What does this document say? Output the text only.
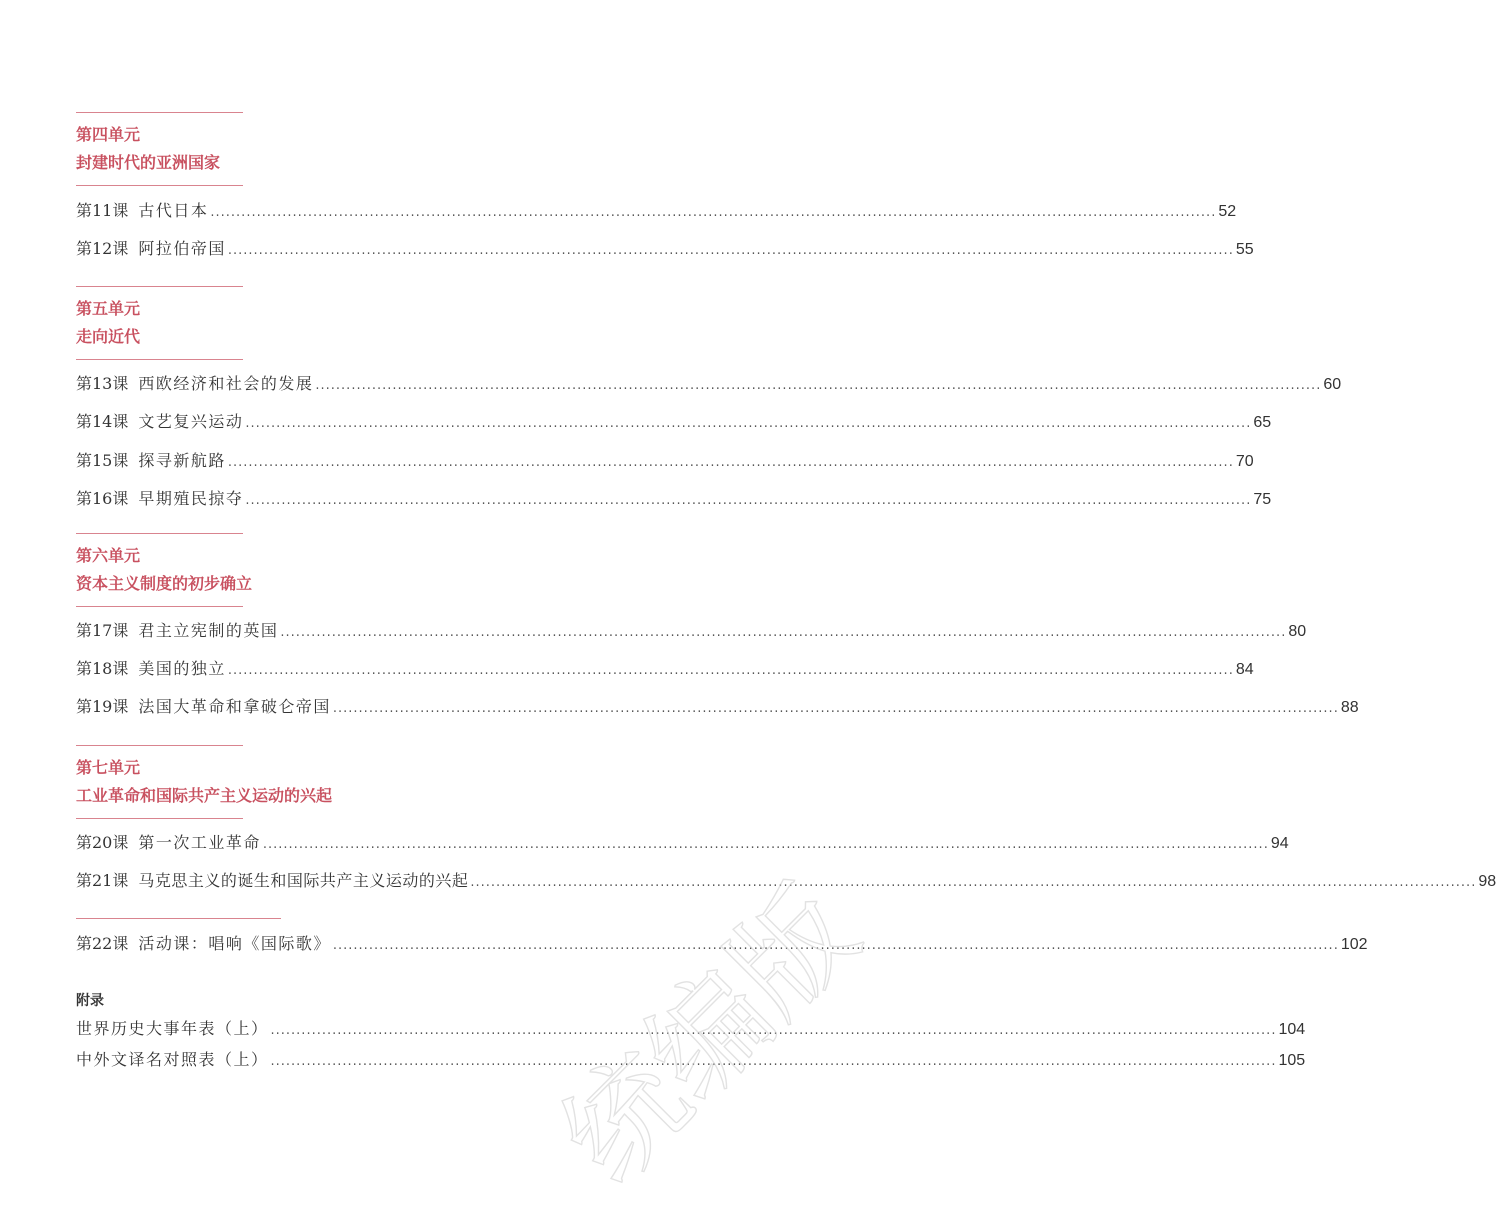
第四单元
封建时代的亚洲国家
第11课 古代日本 .....	52
第12课 阿拉伯帝国 .....	55
第五单元
走向近代
第13课 西欧经济和社会的发展 .....	60
第14课 文艺复兴运动 .....	65
第15课 探寻新航路 .....	70
第16课 早期殖民掠夺 .....	75
第六单元
资本主义制度的初步确立
第17课 君主立宪制的英国 .....	80
第18课 美国的独立 .....	84
第19课 法国大革命和拿破仑帝国 .....	88
第七单元
工业革命和国际共产主义运动的兴起
第20课 第一次工业革命 .....	94
第21课 马克思主义的诞生和国际共产主义运动的兴起 .....	98
第22课 活动课：唱响《国际歌》 .....	102
附录
世界历史大事年表（上） .....	104
中外文译名对照表（上） .....	105
统编版
